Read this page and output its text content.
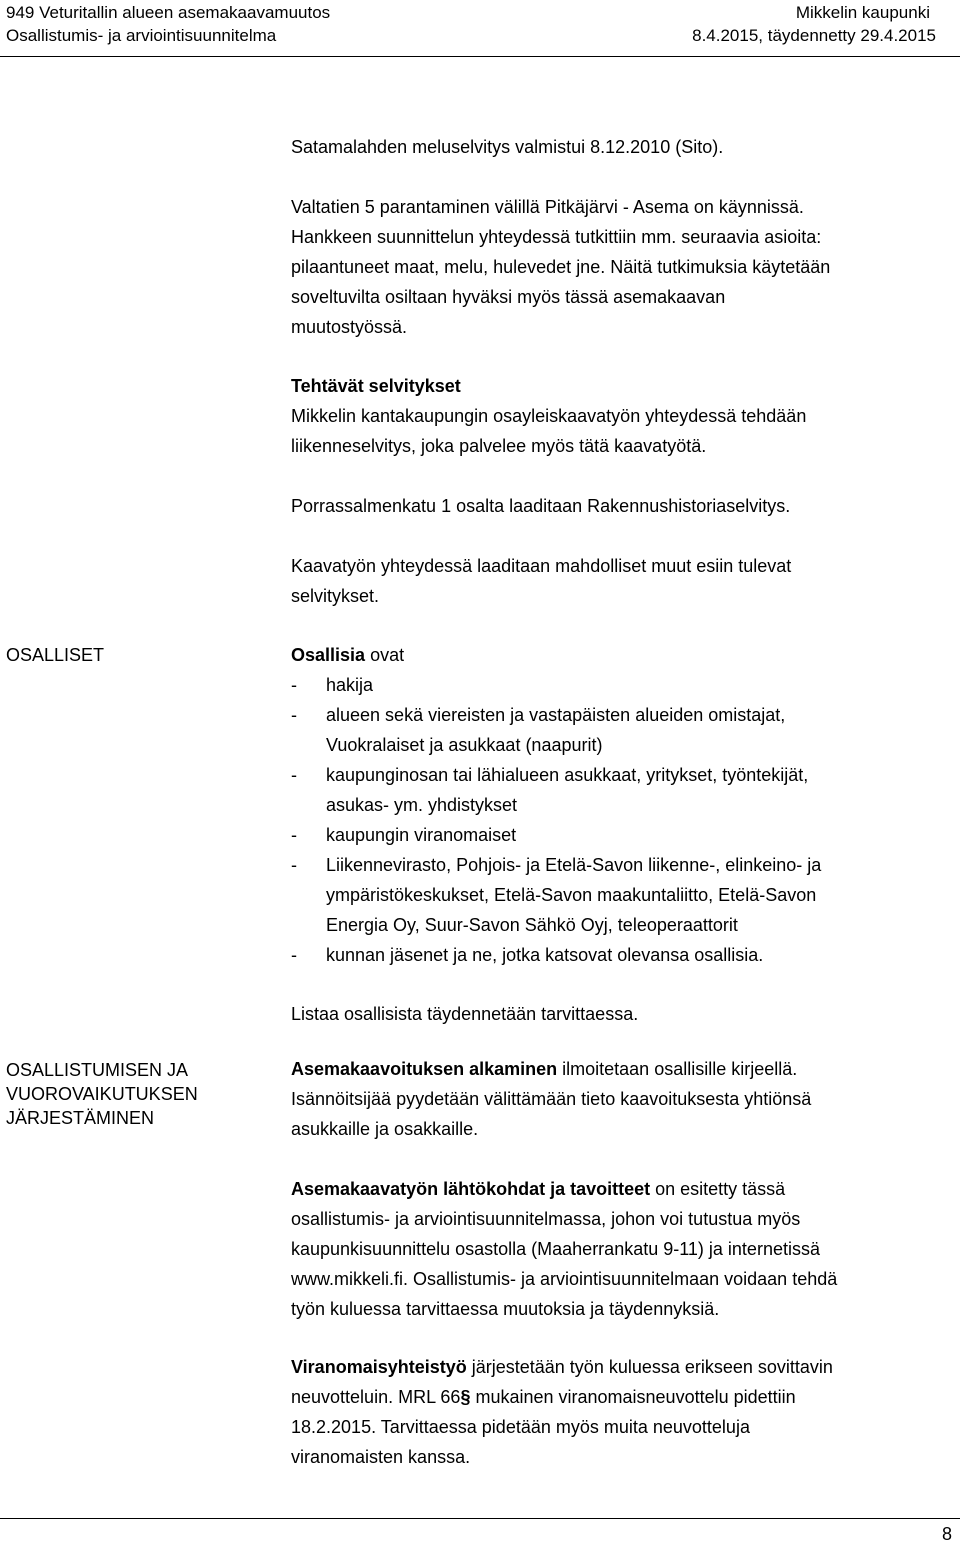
949 Veturitallin alueen asemakaavamuutos
Osallistumis- ja arviointisuunnitelma
Mikkelin kaupunki
8.4.2015, täydennetty 29.4.2015
Satamalahden meluselvitys valmistui 8.12.2010 (Sito).
Valtatien 5 parantaminen välillä Pitkäjärvi - Asema on käynnissä.
Hankkeen suunnittelun yhteydessä tutkittiin mm. seuraavia asioita:
pilaantuneet maat, melu, hulevedet jne. Näitä tutkimuksia käytetään
soveltuvilta osiltaan hyväksi myös tässä asemakaavan
muutostyössä.
Tehtävät selvitykset
Mikkelin kantakaupungin osayleiskaavatyön yhteydessä tehdään
liikenneselvitys, joka palvelee myös tätä kaavatyötä.
Porrassalmenkatu 1 osalta laaditaan Rakennushistoriaselvitys.
Kaavatyön yhteydessä laaditaan mahdolliset muut esiin tulevat
selvitykset.
OSALLISET	Osallisia ovat
- hakija
- alueen sekä viereisten ja vastapäisten alueiden omistajat,
Vuokralaiset ja asukkaat (naapurit)
- kaupunginosan tai lähialueen asukkaat, yritykset, työntekijät,
asukas- ym. yhdistykset
- kaupungin viranomaiset
- Liikennevirasto, Pohjois- ja Etelä-Savon liikenne-, elinkeino- ja
ympäristökeskukset, Etelä-Savon maakuntaliitto, Etelä-Savon
Energia Oy, Suur-Savon Sähkö Oyj, teleoperaattorit
- kunnan jäsenet ja ne, jotka katsovat olevansa osallisia.
Listaa osallisista täydennetään tarvittaessa.
OSALLISTUMISEN JA
VUOROVAIKUTUKSEN
JÄRJESTÄMINEN
Asemakaavoituksen alkaminen ilmoitetaan osallisille kirjeellä.
Isännöitsijää pyydetään välittämään tieto kaavoituksesta yhtiönsä
asukkaille ja osakkaille.
Asemakaavatyön lähtökohdat ja tavoitteet on esitetty tässä
osallistumis- ja arviointisuunnitelmassa, johon voi tutustua myös
kaupunkisuunnittelu osastolla (Maaherrankatu 9-11) ja internetissä
www.mikkeli.fi. Osallistumis- ja arviointisuunnitelmaan voidaan tehdä
työn kuluessa tarvittaessa muutoksia ja täydennyksiä.
Viranomaisyhteistyö järjestetään työn kuluessa erikseen sovittavin
neuvotteluin. MRL 66§ mukainen viranomaisneuvottelu pidettiin
18.2.2015. Tarvittaessa pidetään myös muita neuvotteluja
viranomaisten kanssa.
8
